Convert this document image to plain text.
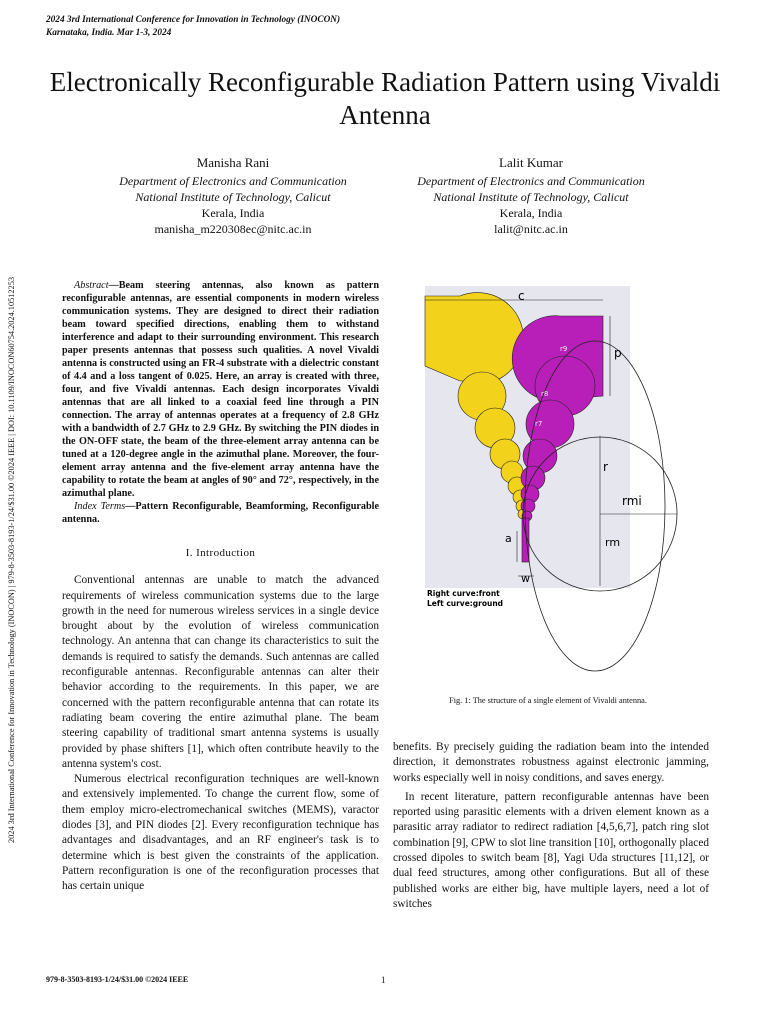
2024 3rd International Conference for Innovation in Technology (INOCON)
Karnataka, India. Mar 1-3, 2024
2024 3rd International Conference for Innovation in Technology (INOCON) | 979-8-3503-8193-1/24/$31.00 ©2024 IEEE | DOI: 10.1109/INOCON60754.2024.10512253
Electronically Reconfigurable Radiation Pattern using Vivaldi Antenna
Manisha Rani
Department of Electronics and Communication
National Institute of Technology, Calicut
Kerala, India
manisha_m220308ec@nitc.ac.in
Lalit Kumar
Department of Electronics and Communication
National Institute of Technology, Calicut
Kerala, India
lalit@nitc.ac.in

Abstract—Beam steering antennas, also known as pattern reconfigurable antennas, are essential components in modern wireless communication systems. They are designed to direct their radiation beam toward specified directions, enabling them to withstand interference and adapt to their surrounding environment. This research paper presents antennas that possess such qualities. A novel Vivaldi antenna is constructed using an FR-4 substrate with a dielectric constant of 4.4 and a loss tangent of 0.025. Here, an array is created with three, four, and five Vivaldi antennas. Each design incorporates Vivaldi antennas that are all linked to a coaxial feed line through a PIN connection. The array of antennas operates at a frequency of 2.8 GHz with a bandwidth of 2.7 GHz to 2.9 GHz. By switching the PIN diodes in the ON-OFF state, the beam of the three-element array antenna can be tuned at a 120-degree angle in the azimuthal plane. Moreover, the four-element array antenna and the five-element array antenna have the capability to rotate the beam at angles of 90° and 72°, respectively, in the azimuthal plane.

Index Terms—Pattern Reconfigurable, Beamforming, Reconfigurable antenna.

I. Introduction

Conventional antennas are unable to match the advanced requirements of wireless communication systems due to the large growth in the need for numerous wireless services in a single device brought about by the evolution of wireless communication technology. An antenna that can change its characteristics to suit the demands is required to satisfy the demands. Such antennas are called reconfigurable antennas. Reconfigurable antennas can alter their behavior according to the requirements. In this paper, we are concerned with the pattern reconfigurable antenna that can rotate its radiating beam covering the entire azimuthal plane. The beam steering capability of traditional smart antenna systems is usually provided by phase shifters [1], which often contribute heavily to the antenna system's cost.

Numerous electrical reconfiguration techniques are well-known and extensively implemented. To change the current flow, some of them employ micro-electromechanical switches (MEMS), varactor diodes [3], and PIN diodes [2]. Every reconfiguration technique has advantages and disadvantages, and an RF engineer's task is to determine which is best given the constraints of the application. Pattern reconfiguration is one of the reconfiguration processes that has certain unique

c
p
r
rmi
rm
a
w
r9
r8
r7
Right curve:front
Left curve:ground
Fig. 1: The structure of a single element of Vivaldi antenna.

benefits. By precisely guiding the radiation beam into the intended direction, it demonstrates robustness against electronic jamming, works especially well in noisy conditions, and saves energy.

In recent literature, pattern reconfigurable antennas have been reported using parasitic elements with a driven element known as a parasitic array radiator to redirect radiation [4,5,6,7], patch ring slot combination [9], CPW to slot line transition [10], orthogonally placed crossed dipoles to switch beam [8], Yagi Uda structures [11,12], or dual feed structures, among other configurations. But all of these published works are either big, have multiple layers, need a lot of switches

979-8-3503-8193-1/24/$31.00 ©2024 IEEE	1
